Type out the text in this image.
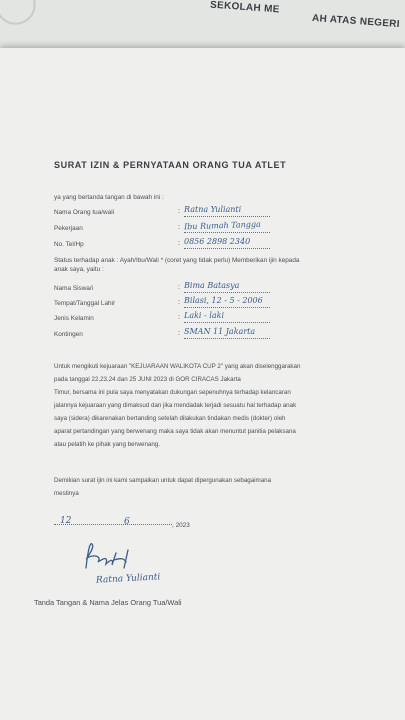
SEKOLAH ME
AH ATAS NEGERI
SURAT IZIN & PERNYATAAN ORANG TUA ATLET
ya yang bertanda tangan di bawah ini :
Nama Orang tua/wali	: Ratna Yulianti
Pekerjaan	: Ibu Rumah Tangga
No. Tel/Hp	: 0856 2898 2340
Status terhadap anak : Ayah/Ibu/Wali * (coret yang tidak perlu) Memberikan ijin kepada
anak saya, yaitu :
Nama Siswa/i	: Bima Batasya
Tempat/Tanggal Lahir	: Bilasi, 12 - 5 - 2006
Jenis Kelamin	: Laki - laki
Kontingen	: SMAN 11 Jakarta
Untuk mengikuti kejuaraan "KEJUARAAN WALIKOTA CUP 2" yang akan diselenggarakan
pada tanggal 22,23,24 dan 25 JUNI 2023 di GOR CIRACAS Jakarta
Timur, bersama ini pula saya menyatakan dukungan sepenuhnya terhadap kelancaran
jalannya kejuaraan yang dimaksud dan jika mendadak terjadi sesuatu hal terhadap anak
saya (sidera) dikarenakan bertanding setelah dilakukan tindakan medis (dokter) oleh
aparat pertandingan yang berwenang maka saya tidak akan menuntut panitia pelaksana
atau pelatih ke pihak yang berwenang.
Demikian surat ijin ini kami sampaikan untuk dapat dipergunakan sebagaimana
mestinya
12	6	, 2023
Ratna Yulianti
Tanda Tangan & Nama Jelas Orang Tua/Wali
